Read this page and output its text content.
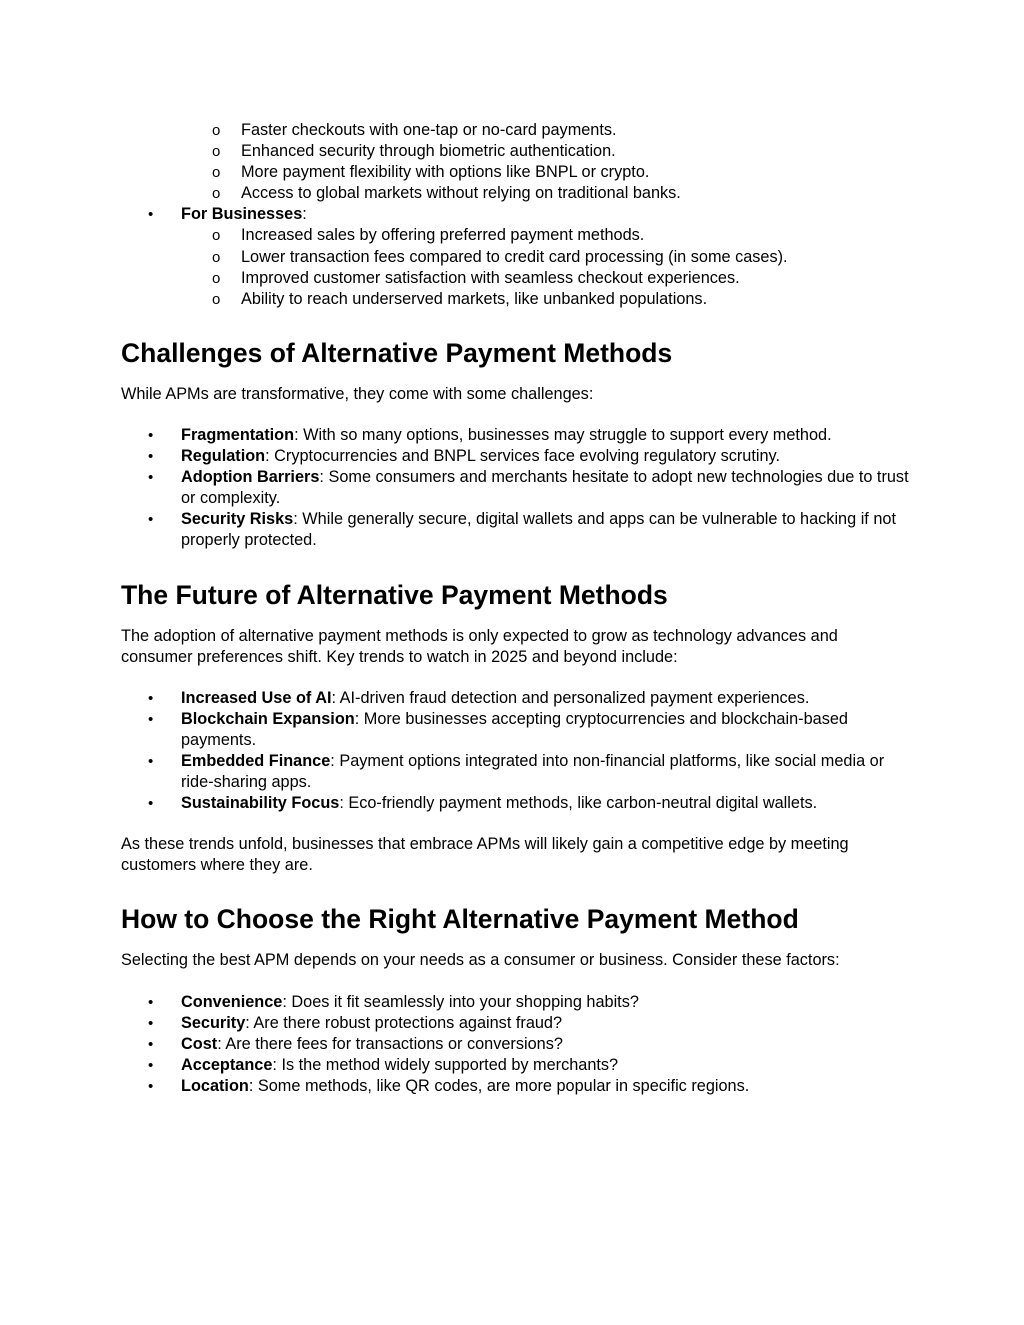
o Faster checkouts with one-tap or no-card payments.
o Enhanced security through biometric authentication.
o More payment flexibility with options like BNPL or crypto.
o Access to global markets without relying on traditional banks.
• For Businesses:
o Increased sales by offering preferred payment methods.
o Lower transaction fees compared to credit card processing (in some cases).
o Improved customer satisfaction with seamless checkout experiences.
o Ability to reach underserved markets, like unbanked populations.
Challenges of Alternative Payment Methods

While APMs are transformative, they come with some challenges:

• Fragmentation: With so many options, businesses may struggle to support every method.
• Regulation: Cryptocurrencies and BNPL services face evolving regulatory scrutiny.
• Adoption Barriers: Some consumers and merchants hesitate to adopt new technologies due to trust or complexity.
• Security Risks: While generally secure, digital wallets and apps can be vulnerable to hacking if not properly protected.
The Future of Alternative Payment Methods

The adoption of alternative payment methods is only expected to grow as technology advances and consumer preferences shift. Key trends to watch in 2025 and beyond include:

• Increased Use of AI: AI-driven fraud detection and personalized payment experiences.
• Blockchain Expansion: More businesses accepting cryptocurrencies and blockchain-based payments.
• Embedded Finance: Payment options integrated into non-financial platforms, like social media or ride-sharing apps.
• Sustainability Focus: Eco-friendly payment methods, like carbon-neutral digital wallets.

As these trends unfold, businesses that embrace APMs will likely gain a competitive edge by meeting customers where they are.

How to Choose the Right Alternative Payment Method

Selecting the best APM depends on your needs as a consumer or business. Consider these factors:

• Convenience: Does it fit seamlessly into your shopping habits?
• Security: Are there robust protections against fraud?
• Cost: Are there fees for transactions or conversions?
• Acceptance: Is the method widely supported by merchants?
• Location: Some methods, like QR codes, are more popular in specific regions.
